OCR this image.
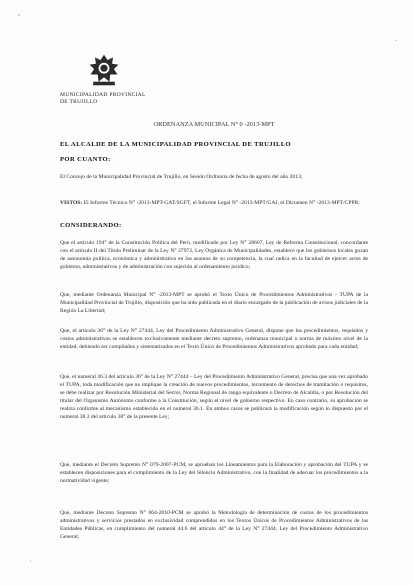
MUNICIPALIDAD PROVINCIAL
DE TRUJILLO
ORDENANZA MUNICIPAL N° 0 -2013-MPT
EL ALCALDE DE LA MUNICIPALIDAD PROVINCIAL DE TRUJILLO
POR CUANTO:
El Concejo de la Municipalidad Provincial de Trujillo, en Sesión Ordinaria de fecha de agosto del año 2013;
VISTOS: El Informe Técnico N° -2013-MPT-GAT/SGFT, el Informe Legal N° -2013-MPT/GAJ, el Dictamen N° -2013-MPT/CPPR;
CONSIDERANDO:
Que el artículo 194° de la Constitución Política del Perú, modificado por Ley N° 28607, Ley de Reforma Constitucional, concordante con el artículo II del Título Preliminar de la Ley N° 27972, Ley Orgánica de Municipalidades, establece que los gobiernos locales gozan de autonomía política, económica y administrativa en los asuntos de su competencia, la cual radica en la facultad de ejercer actos de gobierno, administrativos y de administración con sujeción al ordenamiento jurídico;
Que, mediante Ordenanza Municipal N° -2013-MPT se aprobó el Texto Único de Procedimientos Administrativos - TUPA de la Municipalidad Provincial de Trujillo, disposición que ha sido publicada en el diario encargado de la publicación de avisos judiciales de la Región La Libertad;
Que, el artículo 36° de la Ley N° 27444, Ley del Procedimiento Administrativo General, dispone que los procedimientos, requisitos y costos administrativos se establecen exclusivamente mediante decreto supremo, ordenanza municipal o norma de máximo nivel de la entidad, debiendo ser compilados y sistematizados en el Texto Único de Procedimientos Administrativos aprobado para cada entidad;
Que, el numeral 36.3 del artículo 36° de la Ley N° 27444 – Ley del Procedimiento Administrativo General, precisa que una vez aprobado el TUPA, toda modificación que no implique la creación de nuevos procedimientos, incremento de derechos de tramitación o requisitos, se debe realizar por Resolución Ministerial del Sector, Norma Regional de rango equivalente o Decreto de Alcaldía, o por Resolución del titular del Organismo Autónomo conforme a la Constitución, según el nivel de gobierno respectivo. En caso contrario, su aprobación se realiza conforme al mecanismo establecido en el numeral 36.1. En ambos casos se publicará la modificación según lo dispuesto por el numeral 38.3 del artículo 38° de la presente Ley;
Que, mediante el Decreto Supremo N° 079-2007-PCM, se aprueban los Lineamientos para la Elaboración y aprobación del TUPA y se establecen disposiciones para el cumplimiento de la Ley del Silencio Administrativo, con la finalidad de adecuar los procedimientos a la normatividad vigente;
Que, mediante Decreto Supremo N° 064-2010-PCM se aprobó la Metodología de determinación de costos de los procedimientos administrativos y servicios prestados en exclusividad comprendidos en los Textos Únicos de Procedimientos Administrativos de las Entidades Públicas, en cumplimiento del numeral 44.6 del artículo 44° de la Ley N° 27444, Ley del Procedimiento Administrativo General;
